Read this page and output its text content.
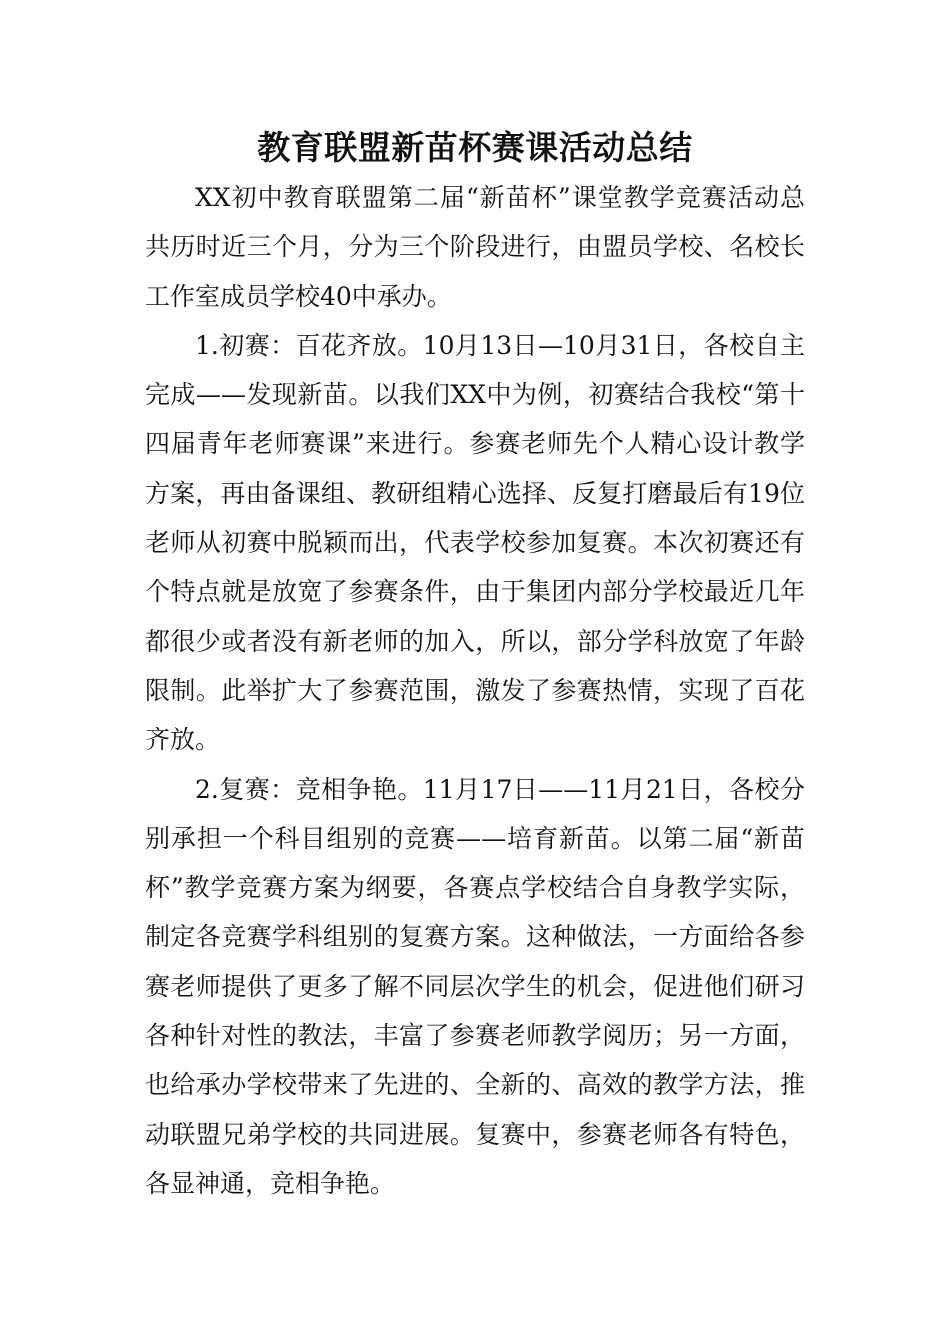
教育联盟新苗杯赛课活动总结

XX初中教育联盟第二届“新苗杯”课堂教学竞赛活动总共历时近三个月，分为三个阶段进行，由盟员学校、名校长工作室成员学校40中承办。

1.初赛：百花齐放。10月13日—10月31日，各校自主完成——发现新苗。以我们XX中为例，初赛结合我校“第十四届青年老师赛课”来进行。参赛老师先个人精心设计教学方案，再由备课组、教研组精心选择、反复打磨最后有19位老师从初赛中脱颖而出，代表学校参加复赛。本次初赛还有个特点就是放宽了参赛条件，由于集团内部分学校最近几年都很少或者没有新老师的加入，所以，部分学科放宽了年龄限制。此举扩大了参赛范围，激发了参赛热情，实现了百花齐放。

2.复赛：竞相争艳。11月17日——11月21日，各校分别承担一个科目组别的竞赛——培育新苗。以第二届“新苗杯”教学竞赛方案为纲要，各赛点学校结合自身教学实际，制定各竞赛学科组别的复赛方案。这种做法，一方面给各参赛老师提供了更多了解不同层次学生的机会，促进他们研习各种针对性的教法，丰富了参赛老师教学阅历；另一方面，也给承办学校带来了先进的、全新的、高效的教学方法，推动联盟兄弟学校的共同进展。复赛中，参赛老师各有特色，各显神通，竞相争艳。
